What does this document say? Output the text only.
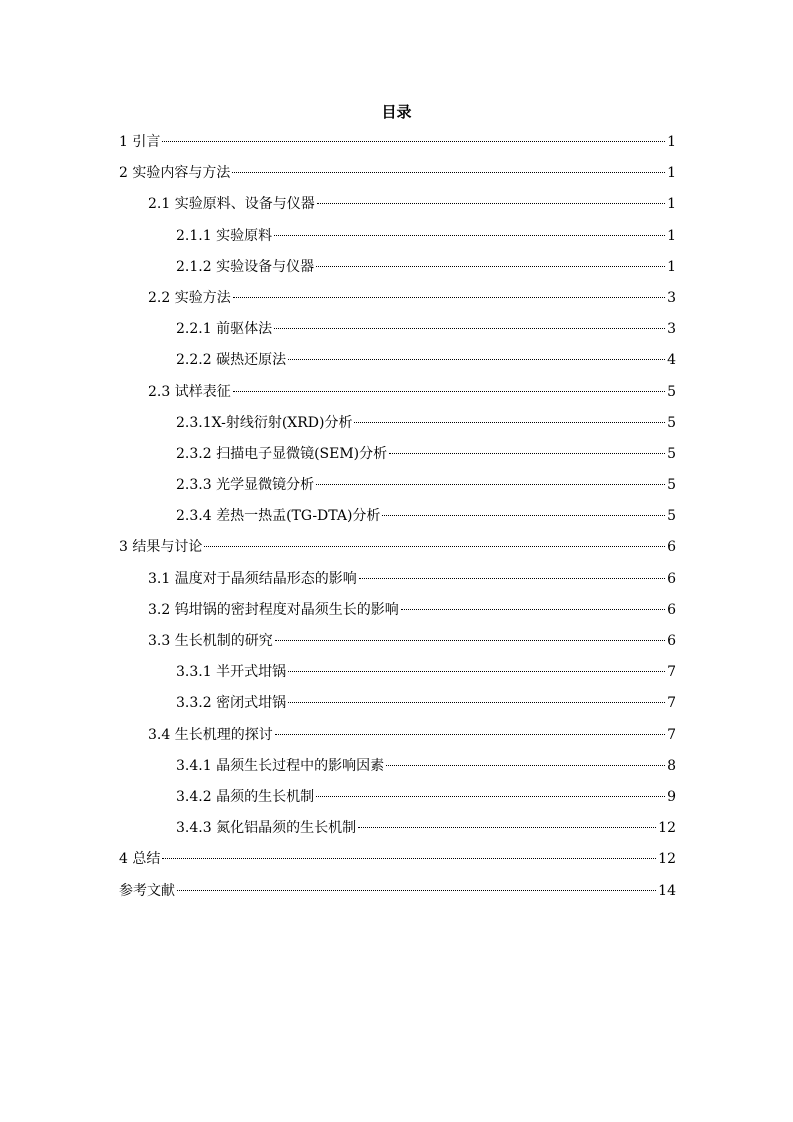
目录
1 引言	1
2 实验内容与方法	1
2.1 实验原料、设备与仪器	1
2.1.1 实验原料	1
2.1.2 实验设备与仪器	1
2.2 实验方法	3
2.2.1 前驱体法	3
2.2.2 碳热还原法	4
2.3 试样表征	5
2.3.1X-射线衍射(XRD)分析	5
2.3.2 扫描电子显微镜(SEM)分析	5
2.3.3 光学显微镜分析	5
2.3.4 差热一热盂(TG-DTA)分析	5
3 结果与讨论	6
3.1 温度对于晶须结晶形态的影响	6
3.2 钨坩锅的密封程度对晶须生长的影响	6
3.3 生长机制的研究	6
3.3.1 半开式坩锅	7
3.3.2 密闭式坩锅	7
3.4 生长机理的探讨	7
3.4.1 晶须生长过程中的影响因素	8
3.4.2 晶须的生长机制	9
3.4.3 氮化铝晶须的生长机制	12
4 总结	12
参考文献	14
